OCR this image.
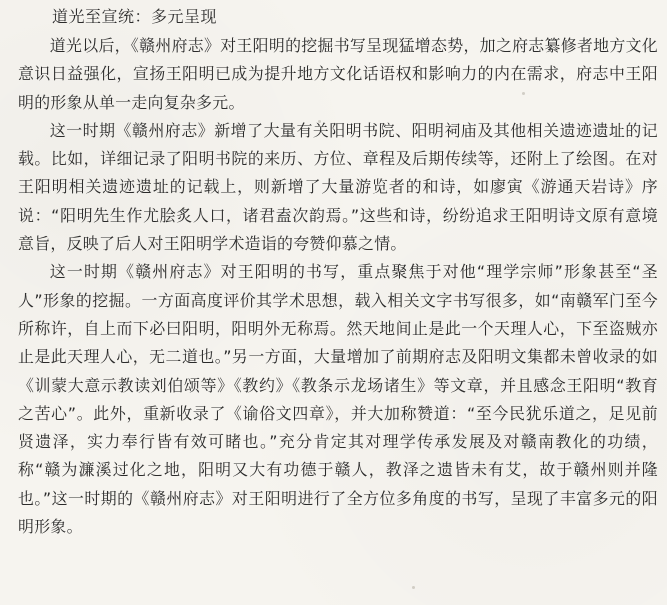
道光至宣统：多元呈现

道光以后，《赣州府志》对王阳明的挖掘书写呈现猛增态势，加之府志纂修者地方文化意识日益强化，宣扬王阳明已成为提升地方文化话语权和影响力的内在需求，府志中王阳明的形象从单一走向复杂多元。

这一时期《赣州府志》新增了大量有关阳明书院、阳明祠庙及其他相关遗迹遗址的记载。比如，详细记录了阳明书院的来历、方位、章程及后期传续等，还附上了绘图。在对王阳明相关遗迹遗址的记载上，则新增了大量游览者的和诗，如廖寅《游通天岩诗》序说：“阳明先生作尤脍炙人口，诸君盍次韵焉。”这些和诗，纷纷追求王阳明诗文原有意境意旨，反映了后人对王阳明学术造诣的夸赞仰慕之情。

这一时期《赣州府志》对王阳明的书写，重点聚焦于对他“理学宗师”形象甚至“圣人”形象的挖掘。一方面高度评价其学术思想，载入相关文字书写很多，如“南赣军门至今所称许，自上而下必曰阳明，阳明外无称焉。然天地间止是此一个天理人心，下至盗贼亦止是此天理人心，无二道也。”另一方面，大量增加了前期府志及阳明文集都未曾收录的如《训蒙大意示教读刘伯颂等》《教约》《教条示龙场诸生》等文章，并且感念王阳明“教育之苦心”。此外，重新收录了《谕俗文四章》，并大加称赞道：“至今民犹乐道之，足见前贤遗泽，实力奉行皆有效可睹也。”充分肯定其对理学传承发展及对赣南教化的功绩，称“赣为濂溪过化之地，阳明又大有功德于赣人，教泽之遗皆未有艾，故于赣州则并隆也。”这一时期的《赣州府志》对王阳明进行了全方位多角度的书写，呈现了丰富多元的阳明形象。
